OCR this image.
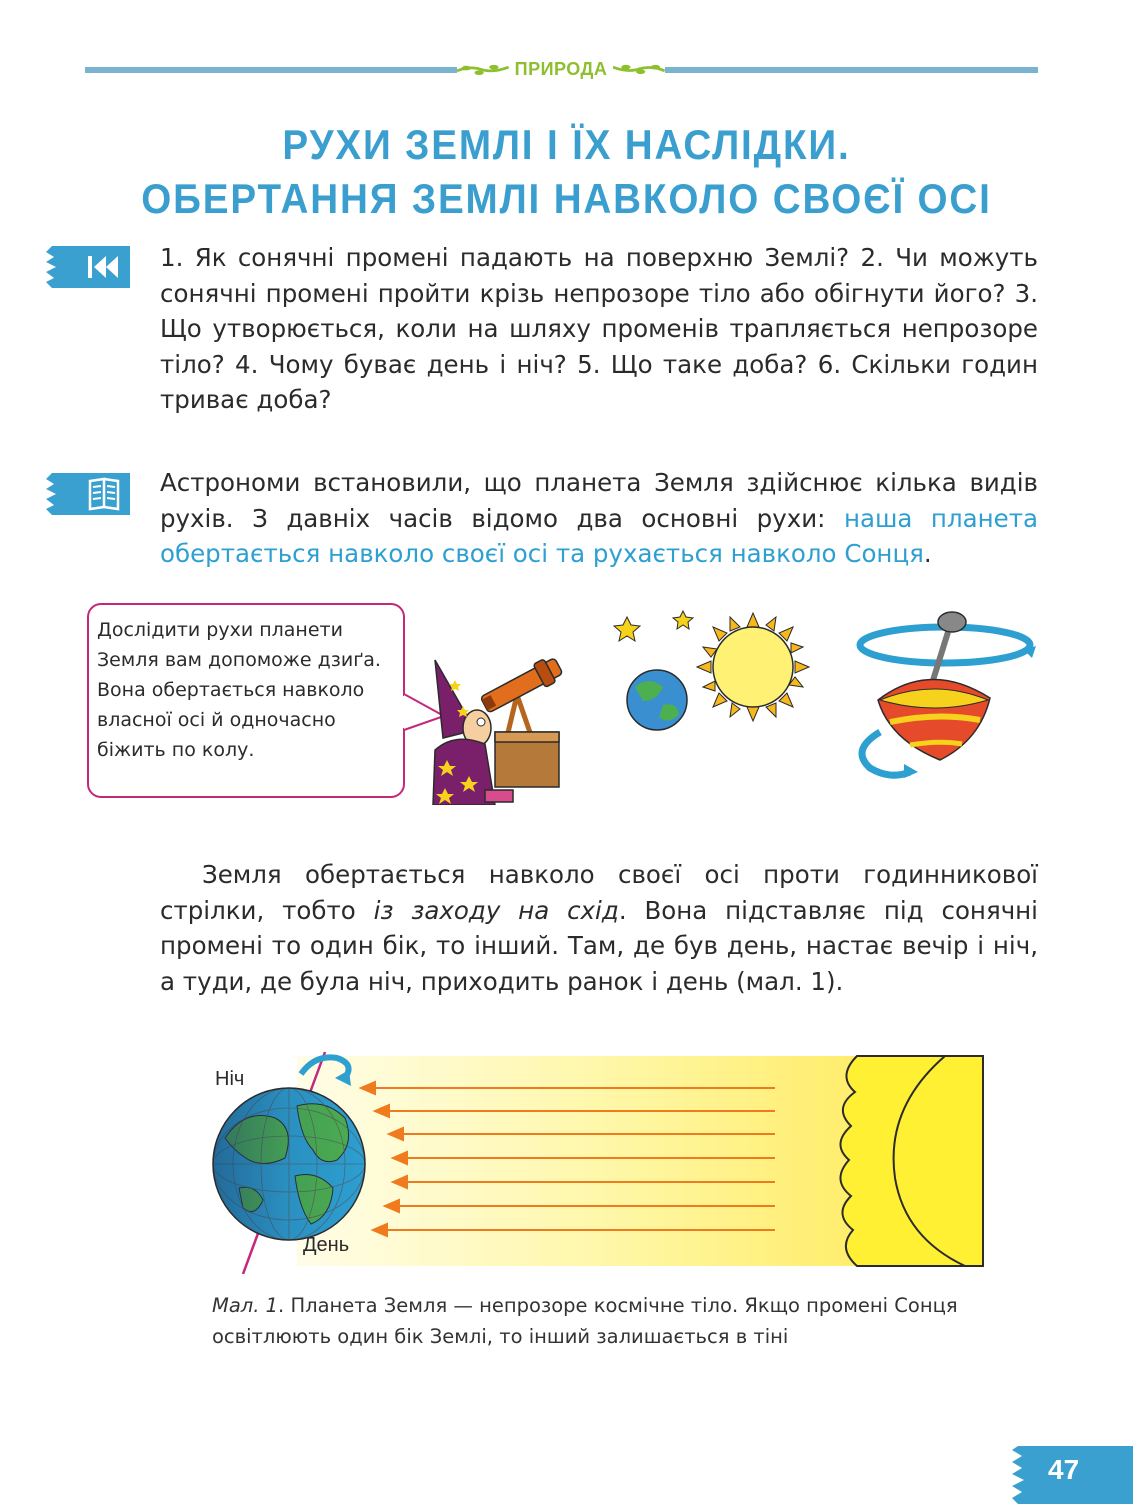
ПРИРОДА
РУХИ ЗЕМЛІ І ЇХ НАСЛІДКИ.
ОБЕРТАННЯ ЗЕМЛІ НАВКОЛО СВОЄЇ ОСІ

1. Як сонячні промені падають на поверхню Землі? 2. Чи можуть сонячні промені пройти крізь непрозоре тіло або обігнути його? 3. Що утворюється, коли на шляху променів трапляється непрозоре тіло? 4. Чому буває день і ніч? 5. Що таке доба? 6. Скільки годин триває доба?

Астрономи встановили, що планета Земля здійснює кілька видів рухів. З давніх часів відомо два основні рухи: наша планета обертається навколо своєї осі та рухається навколо Сонця.

Дослідити рухи планети Земля вам допоможе дзиґа. Вона обертається навколо власної осі й одночасно біжить по колу.

Земля обертається навколо своєї осі проти годинникової стрілки, тобто із заходу на схід. Вона підставляє під сонячні промені то один бік, то інший. Там, де був день, настає вечір і ніч, а туди, де була ніч, приходить ранок і день (мал. 1).

Ніч
День

Мал. 1. Планета Земля — непрозоре космічне тіло. Якщо промені Сонця освітлюють один бік Землі, то інший залишається в тіні

47
